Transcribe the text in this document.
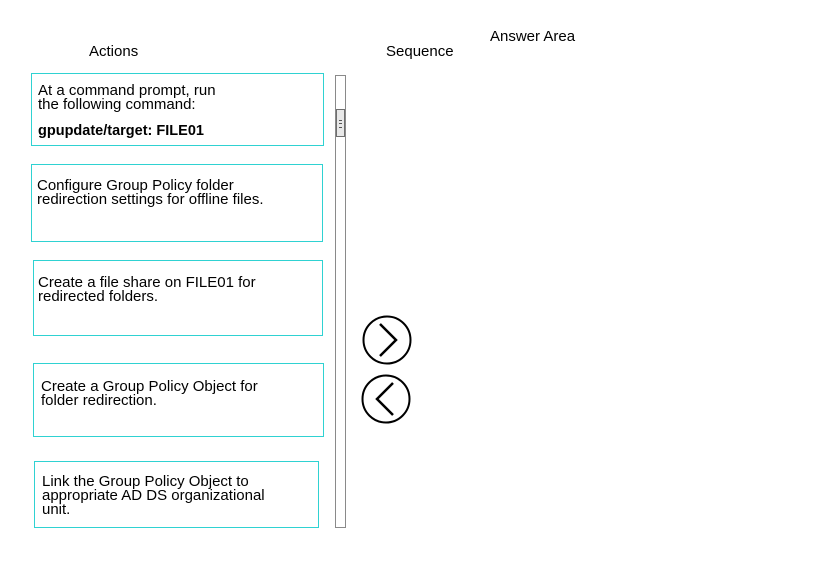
Answer Area
Actions	Sequence
At a command prompt, run
the following command:
gpupdate/target: FILE01
Configure Group Policy folder
redirection settings for offline files.
Create a file share on FILE01 for
redirected folders.
Create a Group Policy Object for
folder redirection.
Link the Group Policy Object to
appropriate AD DS organizational
unit.
